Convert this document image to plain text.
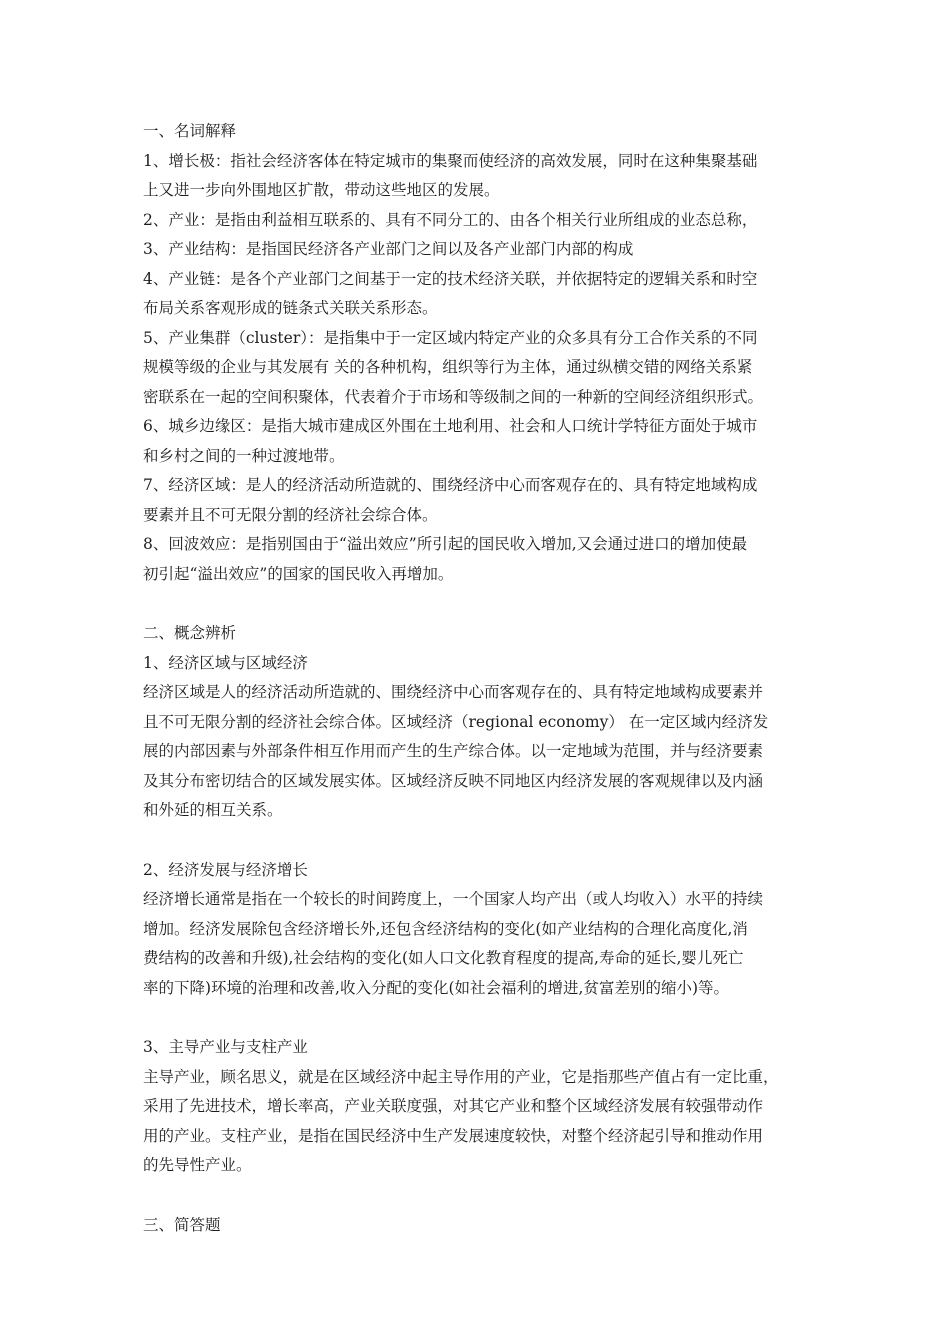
一、名词解释
1、增长极：指社会经济客体在特定城市的集聚而使经济的高效发展，同时在这种集聚基础
上又进一步向外围地区扩散，带动这些地区的发展。
2、产业：是指由利益相互联系的、具有不同分工的、由各个相关行业所组成的业态总称，
3、产业结构：是指国民经济各产业部门之间以及各产业部门内部的构成
4、产业链：是各个产业部门之间基于一定的技术经济关联，并依据特定的逻辑关系和时空
布局关系客观形成的链条式关联关系形态。
5、产业集群（cluster）：是指集中于一定区域内特定产业的众多具有分工合作关系的不同
规模等级的企业与其发展有 关的各种机构，组织等行为主体，通过纵横交错的网络关系紧
密联系在一起的空间积聚体，代表着介于市场和等级制之间的一种新的空间经济组织形式。
6、城乡边缘区：是指大城市建成区外围在土地利用、社会和人口统计学特征方面处于城市
和乡村之间的一种过渡地带。
7、经济区域：是人的经济活动所造就的、围绕经济中心而客观存在的、具有特定地域构成
要素并且不可无限分割的经济社会综合体。
8、回波效应：是指别国由于“溢出效应”所引起的国民收入增加,又会通过进口的增加使最
初引起“溢出效应”的国家的国民收入再增加。
二、概念辨析
1、经济区域与区域经济
经济区域是人的经济活动所造就的、围绕经济中心而客观存在的、具有特定地域构成要素并
且不可无限分割的经济社会综合体。区域经济（regional economy） 在一定区域内经济发
展的内部因素与外部条件相互作用而产生的生产综合体。以一定地域为范围，并与经济要素
及其分布密切结合的区域发展实体。区域经济反映不同地区内经济发展的客观规律以及内涵
和外延的相互关系。
2、经济发展与经济增长
经济增长通常是指在一个较长的时间跨度上，一个国家人均产出（或人均收入）水平的持续
增加。经济发展除包含经济增长外,还包含经济结构的变化(如产业结构的合理化高度化,消
费结构的改善和升级),社会结构的变化(如人口文化教育程度的提高,寿命的延长,婴儿死亡
率的下降)环境的治理和改善,收入分配的变化(如社会福利的增进,贫富差别的缩小)等。
3、主导产业与支柱产业
主导产业，顾名思义，就是在区域经济中起主导作用的产业，它是指那些产值占有一定比重，
采用了先进技术，增长率高，产业关联度强，对其它产业和整个区域经济发展有较强带动作
用的产业。支柱产业，是指在国民经济中生产发展速度较快，对整个经济起引导和推动作用
的先导性产业。
三、简答题
